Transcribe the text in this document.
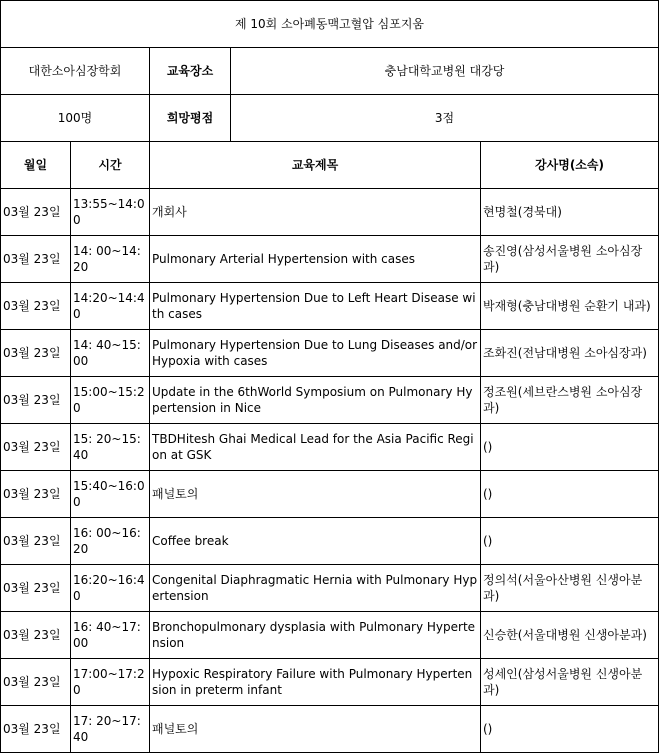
제 10회 소아폐동맥고혈압 심포지움				
대한소아심장학회		교육장소	충남대학교병원 대강당	
100명		희망평점	3점	
월일	시간	교육제목		강사명(소속)
03월 23일	13:55~14:00	개회사		현명철(경북대)
03월 23일	14: 00~14: 20	Pulmonary Arterial Hypertension with cases		송진영(삼성서울병원 소아심장과)
03월 23일	14:20~14:40	Pulmonary Hypertension Due to Left Heart Disease with cases		박재형(충남대병원 순환기 내과)
03월 23일	14: 40~15: 00	Pulmonary Hypertension Due to Lung Diseases and/or Hypoxia with cases		조화진(전남대병원 소아심장과)
03월 23일	15:00~15:20	Update in the 6thWorld Symposium on Pulmonary Hypertension in Nice		정조원(세브란스병원 소아심장과)
03월 23일	15: 20~15: 40	TBDHitesh Ghai Medical Lead for the Asia Pacific Region at GSK		()
03월 23일	15:40~16:00	패널토의		()
03월 23일	16: 00~16: 20	Coffee break		()
03월 23일	16:20~16:40	Congenital Diaphragmatic Hernia with Pulmonary Hypertension		정의석(서울아산병원 신생아분과)
03월 23일	16: 40~17: 00	Bronchopulmonary dysplasia with Pulmonary Hypertension		신승한(서울대병원 신생아분과)
03월 23일	17:00~17:20	Hypoxic Respiratory Failure with Pulmonary Hypertension in preterm infant		성세인(삼성서울병원 신생아분과)
03월 23일	17: 20~17: 40	패널토의		()
